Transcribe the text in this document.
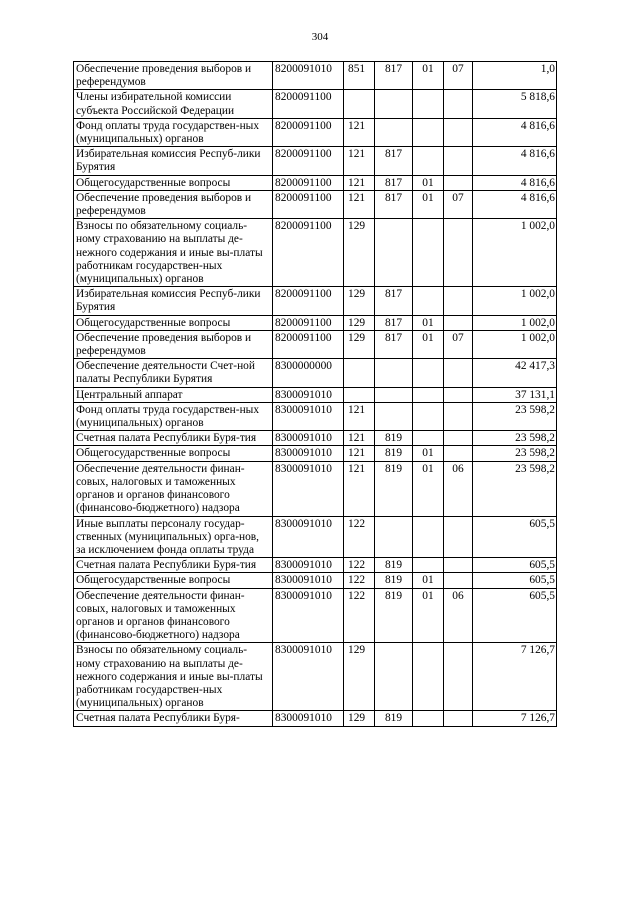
304
Обеспечение проведения выборов и референдумов	8200091010	851	817	01	07	1,0
Члены избирательной комиссии субъекта Российской Федерации	8200091100					5 818,6
Фонд оплаты труда государствен-ных (муниципальных) органов	8200091100	121				4 816,6
Избирательная комиссия Респуб-лики Бурятия	8200091100	121	817			4 816,6
Общегосударственные вопросы	8200091100	121	817	01		4 816,6
Обеспечение проведения выборов и референдумов	8200091100	121	817	01	07	4 816,6
Взносы по обязательному социаль-ному страхованию на выплаты де-нежного содержания и иные вы-платы работникам государствен-ных (муниципальных) органов	8200091100	129				1 002,0
Избирательная комиссия Респуб-лики Бурятия	8200091100	129	817			1 002,0
Общегосударственные вопросы	8200091100	129	817	01		1 002,0
Обеспечение проведения выборов и референдумов	8200091100	129	817	01	07	1 002,0
Обеспечение деятельности Счет-ной палаты Республики Бурятия	8300000000					42 417,3
Центральный аппарат	8300091010					37 131,1
Фонд оплаты труда государствен-ных (муниципальных) органов	8300091010	121				23 598,2
Счетная палата Республики Буря-тия	8300091010	121	819			23 598,2
Общегосударственные вопросы	8300091010	121	819	01		23 598,2
Обеспечение деятельности финан-совых, налоговых и таможенных органов и органов финансового (финансово-бюджетного) надзора	8300091010	121	819	01	06	23 598,2
Иные выплаты персоналу государ-ственных (муниципальных) орга-нов, за исключением фонда оплаты труда	8300091010	122				605,5
Счетная палата Республики Буря-тия	8300091010	122	819			605,5
Общегосударственные вопросы	8300091010	122	819	01		605,5
Обеспечение деятельности финан-совых, налоговых и таможенных органов и органов финансового (финансово-бюджетного) надзора	8300091010	122	819	01	06	605,5
Взносы по обязательному социаль-ному страхованию на выплаты де-нежного содержания и иные вы-платы работникам государствен-ных (муниципальных) органов	8300091010	129				7 126,7
Счетная палата Республики Буря-	8300091010	129	819			7 126,7
